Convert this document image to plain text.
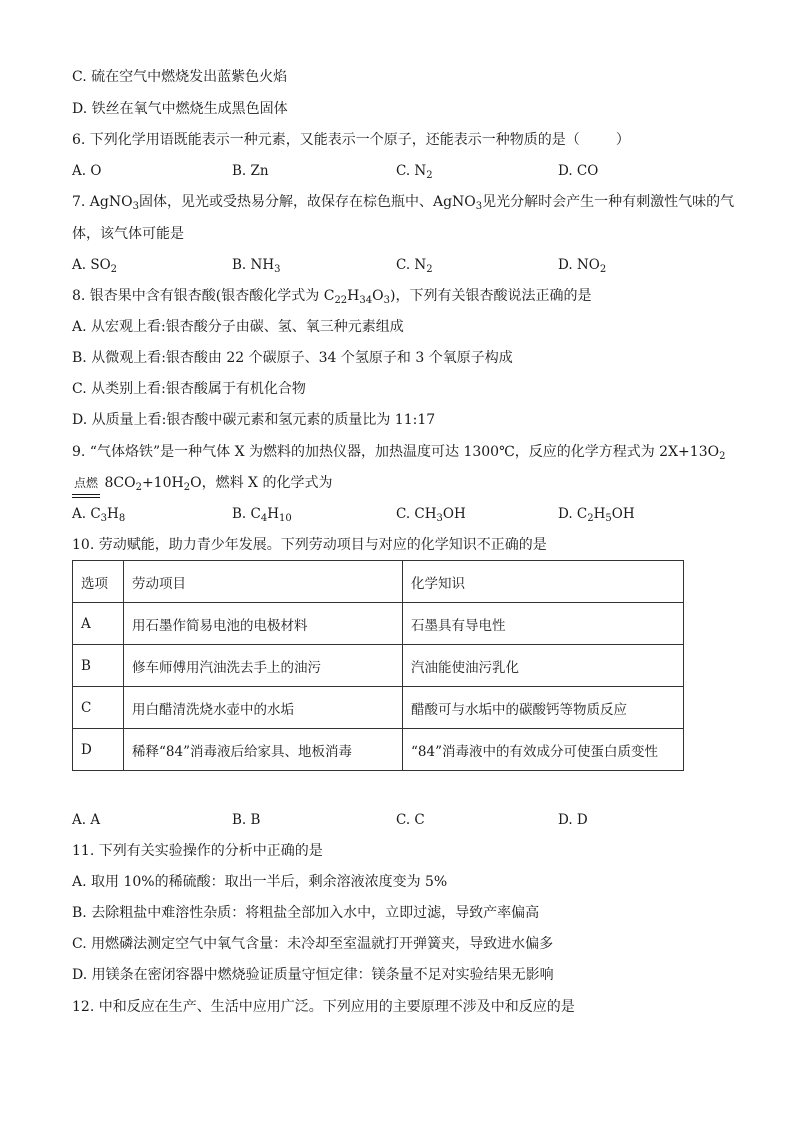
C. 硫在空气中燃烧发出蓝紫色火焰
D. 铁丝在氧气中燃烧生成黑色固体
6. 下列化学用语既能表示一种元素，又能表示一个原子，还能表示一种物质的是（	）
A. O	B. Zn	C. $N_2$	D. CO
7. AgNO$_3$固体，见光或受热易分解，故保存在棕色瓶中、AgNO$_3$见光分解时会产生一种有刺激性气味的气
体，该气体可能是
A. $SO_2$	B. $NH_3$	C. $N_2$	D. $NO_2$
8. 银杏果中含有银杏酸(银杏酸化学式为 $C_{22}H_{34}O_3$)，下列有关银杏酸说法正确的是
A. 从宏观上看:银杏酸分子由碳、氢、氧三种元素组成
B. 从微观上看:银杏酸由 22 个碳原子、34 个氢原子和 3 个氧原子构成
C. 从类别上看:银杏酸属于有机化合物
D. 从质量上看:银杏酸中碳元素和氢元素的质量比为 11:17
9. “气体烙铁”是一种气体 X 为燃料的加热仪器，加热温度可达 1300℃，反应的化学方程式为 $2X+13O_2$
点燃 $8CO_2+10H_2O$，燃料 X 的化学式为
A. $C_3H_8$	B. $C_4H_{10}$	C. $CH_3OH$	D. $C_2H_5OH$
10. 劳动赋能，助力青少年发展。下列劳动项目与对应的化学知识不正确的是
选项	劳动项目	化学知识
A	用石墨作简易电池的电极材料	石墨具有导电性
B	修车师傅用汽油洗去手上的油污	汽油能使油污乳化
C	用白醋清洗烧水壶中的水垢	醋酸可与水垢中的碳酸钙等物质反应
D	稀释“84”消毒液后给家具、地板消毒	“84”消毒液中的有效成分可使蛋白质变性
A. A	B. B	C. C	D. D
11. 下列有关实验操作的分析中正确的是
A. 取用 10%的稀硫酸：取出一半后，剩余溶液浓度变为 5%
B. 去除粗盐中难溶性杂质：将粗盐全部加入水中，立即过滤，导致产率偏高
C. 用燃磷法测定空气中氧气含量：未冷却至室温就打开弹簧夹，导致进水偏多
D. 用镁条在密闭容器中燃烧验证质量守恒定律：镁条量不足对实验结果无影响
12. 中和反应在生产、生活中应用广泛。下列应用的主要原理不涉及中和反应的是
